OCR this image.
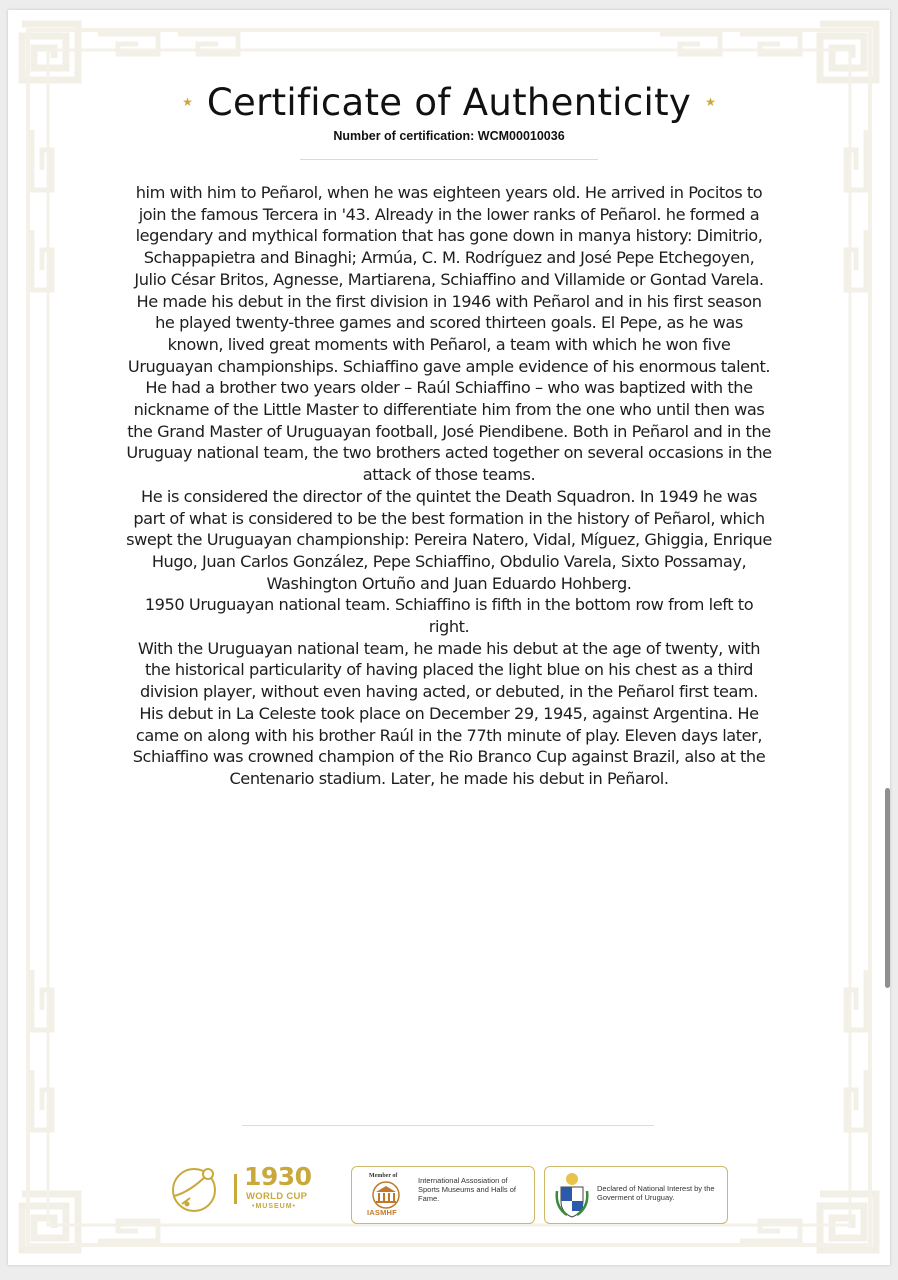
★ Certificate of Authenticity ★
Number of certification: WCM00010036

him with him to Peñarol, when he was eighteen years old. He arrived in Pocitos to join the famous Tercera in '43. Already in the lower ranks of Peñarol. he formed a legendary and mythical formation that has gone down in manya history: Dimitrio, Schappapietra and Binaghi; Armúa, C. M. Rodríguez and José Pepe Etchegoyen, Julio César Britos, Agnesse, Martiarena, Schiaffino and Villamide or Gontad Varela.

He made his debut in the first division in 1946 with Peñarol and in his first season he played twenty-three games and scored thirteen goals. El Pepe, as he was known, lived great moments with Peñarol, a team with which he won five Uruguayan championships. Schiaffino gave ample evidence of his enormous talent. He had a brother two years older – Raúl Schiaffino – who was baptized with the nickname of the Little Master to differentiate him from the one who until then was the Grand Master of Uruguayan football, José Piendibene. Both in Peñarol and in the Uruguay national team, the two brothers acted together on several occasions in the attack of those teams.

He is considered the director of the quintet the Death Squadron. In 1949 he was part of what is considered to be the best formation in the history of Peñarol, which swept the Uruguayan championship: Pereira Natero, Vidal, Míguez, Ghiggia, Enrique Hugo, Juan Carlos González, Pepe Schiaffino, Obdulio Varela, Sixto Possamay, Washington Ortuño and Juan Eduardo Hohberg.

1950 Uruguayan national team. Schiaffino is fifth in the bottom row from left to right.

With the Uruguayan national team, he made his debut at the age of twenty, with the historical particularity of having placed the light blue on his chest as a third division player, without even having acted, or debuted, in the Peñarol first team. His debut in La Celeste took place on December 29, 1945, against Argentina. He came on along with his brother Raúl in the 77th minute of play. Eleven days later, Schiaffino was crowned champion of the Rio Branco Cup against Brazil, also at the Centenario stadium. Later, he made his debut in Peñarol.

1930
WORLD CUP
•MUSEUM•
Member of
IASMHF
International Assosiation of Sports Museums and Halls of Fame.
Declared of National Interest by the Goverment of Uruguay.
